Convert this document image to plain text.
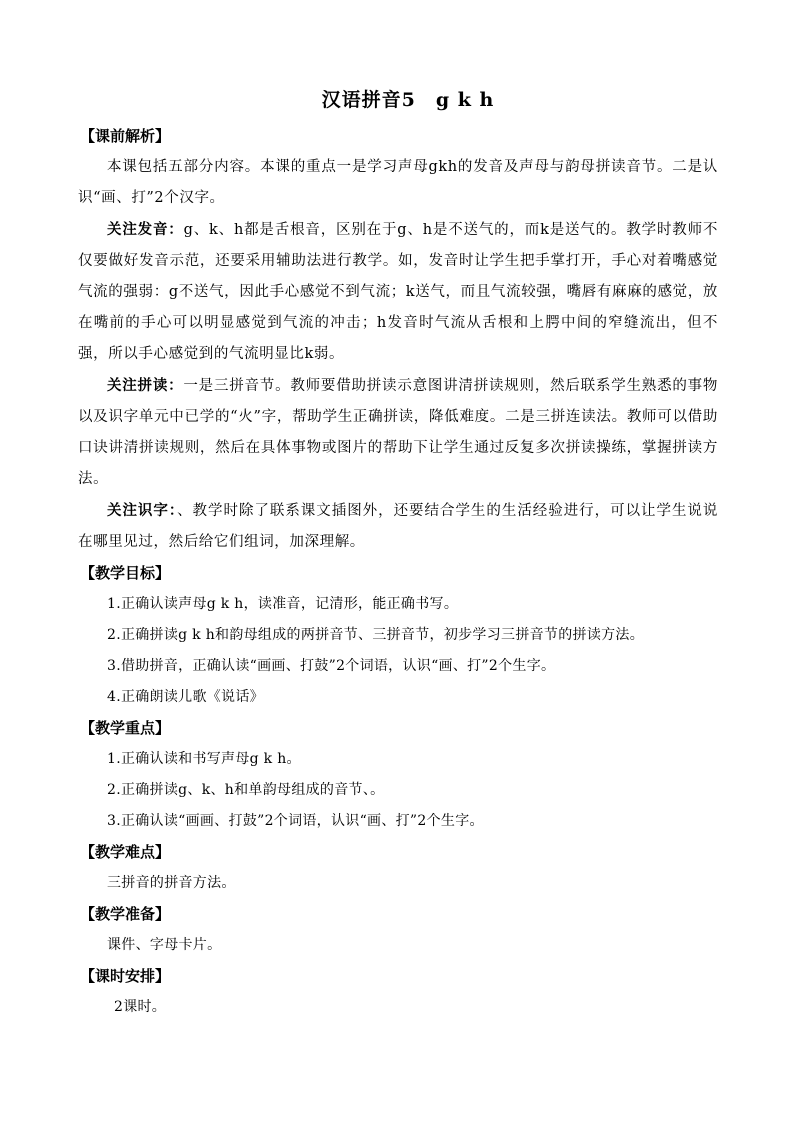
汉语拼音5　g k h
【课前解析】

本课包括五部分内容。本课的重点一是学习声母gkh的发音及声母与韵母拼读音节。二是认识“画、打”2个汉字。

关注发音：g、k、h都是舌根音，区别在于g、h是不送气的，而k是送气的。教学时教师不仅要做好发音示范，还要采用辅助法进行教学。如，发音时让学生把手掌打开，手心对着嘴感觉气流的强弱：g不送气，因此手心感觉不到气流；k送气，而且气流较强，嘴唇有麻麻的感觉，放在嘴前的手心可以明显感觉到气流的冲击；h发音时气流从舌根和上腭中间的窄缝流出，但不强，所以手心感觉到的气流明显比k弱。

关注拼读：一是三拼音节。教师要借助拼读示意图讲清拼读规则，然后联系学生熟悉的事物以及识字单元中已学的“火”字，帮助学生正确拼读，降低难度。二是三拼连读法。教师可以借助口诀讲清拼读规则，然后在具体事物或图片的帮助下让学生通过反复多次拼读操练，掌握拼读方法。

关注识字：、教学时除了联系课文插图外，还要结合学生的生活经验进行，可以让学生说说在哪里见过，然后给它们组词，加深理解。

【教学目标】
1.正确认读声母g k h，读准音，记清形，能正确书写。
2.正确拼读g k h和韵母组成的两拼音节、三拼音节，初步学习三拼音节的拼读方法。
3.借助拼音，正确认读“画画、打鼓”2个词语，认识“画、打”2个生字。
4.正确朗读儿歌《说话》
【教学重点】
1.正确认读和书写声母g k h。
2.正确拼读g、k、h和单韵母组成的音节、。
3.正确认读“画画、打鼓”2个词语，认识“画、打”2个生字。
【教学难点】
三拼音的拼音方法。
【教学准备】
课件、字母卡片。
【课时安排】
2课时。
